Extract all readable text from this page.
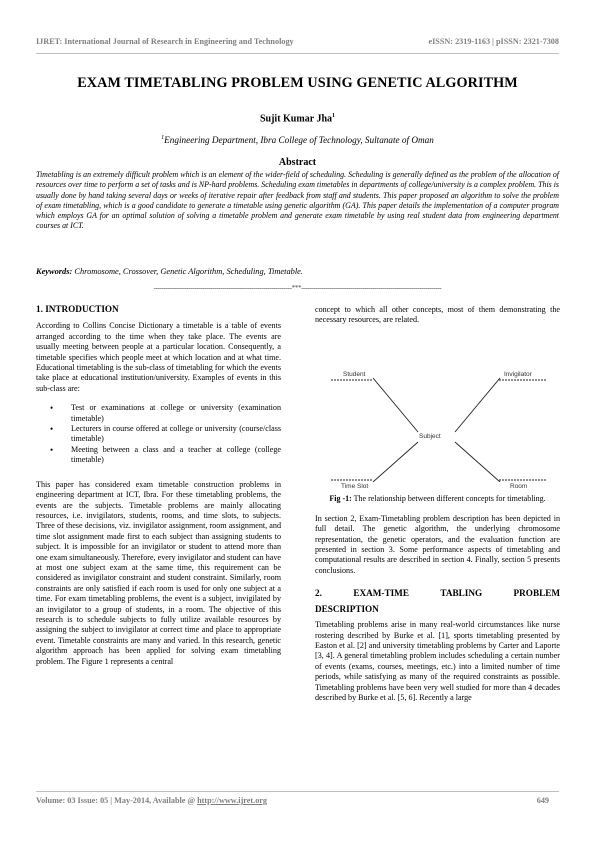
IJRET: International Journal of Research in Engineering and Technology	eISSN: 2319-1163 | pISSN: 2321-7308
EXAM TIMETABLING PROBLEM USING GENETIC ALGORITHM
Sujit Kumar Jha$^1$
$^1$Engineering Department, Ibra College of Technology, Sultanate of Oman
Abstract
Timetabling is an extremely difficult problem which is an element of the wider-field of scheduling. Scheduling is generally defined as the problem of the allocation of resources over time to perform a set of tasks and is NP-hard problems. Scheduling exam timetables in departments of college/university is a complex problem. This is usually done by hand taking several days or weeks of iterative repair after feedback from staff and students. This paper proposed an algorithm to solve the problem of exam timetabling, which is a good candidate to generate a timetable using genetic algorithm (GA). This paper details the implementation of a computer program which employs GA for an optimal solution of solving a timetable problem and generate exam timetable by using real student data from engineering department courses at ICT.
Keywords: Chromosome, Crossover, Genetic Algorithm, Scheduling, Timetable.
--------------------------------------------------------------------***---------------------------------------------------------------------
1. INTRODUCTION

According to Collins Concise Dictionary a timetable is a table of events arranged according to the time when they take place. The events are usually meeting between people at a particular location. Consequently, a timetable specifies which people meet at which location and at what time. Educational timetabling is the sub-class of timetabling for which the events take place at educational institution/university. Examples of events in this sub-class are:

• Test or examinations at college or university (examination timetable)
• Lecturers in course offered at college or university (course/class timetable)
• Meeting between a class and a teacher at college (college timetable)

This paper has considered exam timetable construction problems in engineering department at ICT, Ibra. For these timetabling problems, the events are the subjects. Timetable problems are mainly allocating resources, i.e. invigilators, students, rooms, and time slots, to subjects. Three of these decisions, viz. invigilator assignment, room assignment, and time slot assignment made first to each subject than assigning students to subject. It is impossible for an invigilator or student to attend more than one exam simultaneously. Therefore, every invigilator and student can have at most one subject exam at the same time, this requirement can be considered as invigilator constraint and student constraint. Similarly, room constraints are only satisfied if each room is used for only one subject at a time. For exam timetabling problems, the event is a subject, invigilated by an invigilator to a group of students, in a room. The objective of this research is to schedule subjects to fully utilize available resources by assigning the subject to invigilator at correct time and place to appropriate event. Timetable constraints are many and varied. In this research, genetic algorithm approach has been applied for solving exam timetabling problem. The Figure 1 represents a central

concept to which all other concepts, most of them demonstrating the necessary resources, are related.

Student	Invigilator
Subject
Time Slot	Room
Fig -1: The relationship between different concepts for timetabling.

In section 2, Exam-Timetabling problem description has been depicted in full detail. The genetic algorithm, the underlying chromosome representation, the genetic operators, and the evaluation function are presented in section 3. Some performance aspects of timetabling and computational results are described in section 4. Finally, section 5 presents conclusions.

2.	EXAM-TIME	TABLING	PROBLEM
DESCRIPTION

Timetabling problems arise in many real-world circumstances like nurse rostering described by Burke et al. [1], sports timetabling presented by Easton et al. [2] and university timetabling problems by Carter and Laporte [3, 4]. A general timetabling problem includes scheduling a certain number of events (exams, courses, meetings, etc.) into a limited number of time periods, while satisfying as many of the required constraints as possible. Timetabling problems have been very well studied for more than 4 decades described by Burke et al. [5, 6]. Recently a large

Volume: 03 Issue: 05 | May-2014, Available @ http://www.ijret.org	649
